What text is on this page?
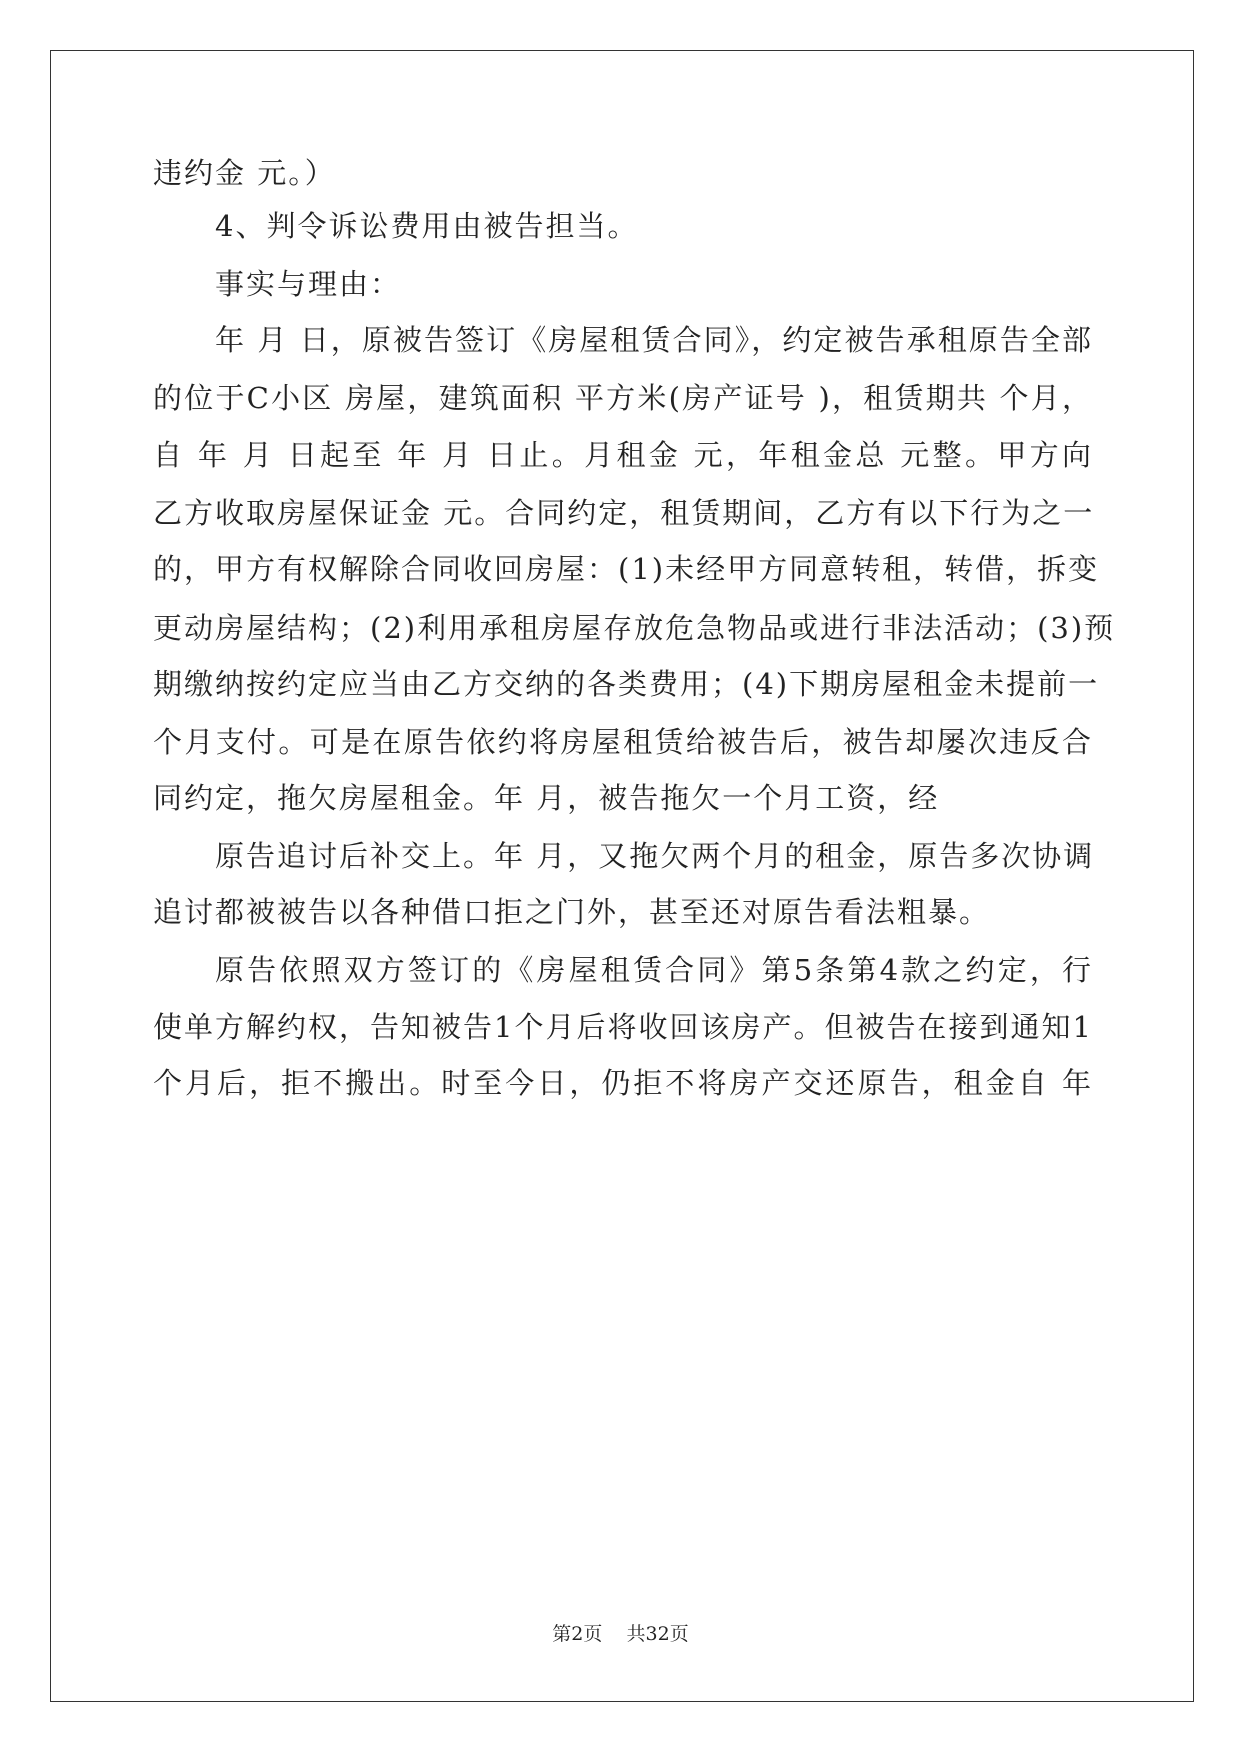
违约金 元。）
4、判令诉讼费用由被告担当。
事实与理由：
年 月 日，原被告签订《房屋租赁合同》，约定被告承租原告全部
的位于C小区 房屋，建筑面积 平方米(房产证号 )，租赁期共 个月，
自 年 月 日起至 年 月 日止。月租金 元，年租金总 元整。甲方向
乙方收取房屋保证金 元。合同约定，租赁期间，乙方有以下行为之一
的，甲方有权解除合同收回房屋：(1)未经甲方同意转租，转借，拆变
更动房屋结构；(2)利用承租房屋存放危急物品或进行非法活动；(3)预
期缴纳按约定应当由乙方交纳的各类费用；(4)下期房屋租金未提前一
个月支付。可是在原告依约将房屋租赁给被告后，被告却屡次违反合
同约定，拖欠房屋租金。年 月，被告拖欠一个月工资，经
原告追讨后补交上。年 月，又拖欠两个月的租金，原告多次协调
追讨都被被告以各种借口拒之门外，甚至还对原告看法粗暴。
原告依照双方签订的《房屋租赁合同》第5条第4款之约定，行
使单方解约权，告知被告1个月后将收回该房产。但被告在接到通知1
个月后，拒不搬出。时至今日，仍拒不将房产交还原告，租金自 年
第2页 共32页
